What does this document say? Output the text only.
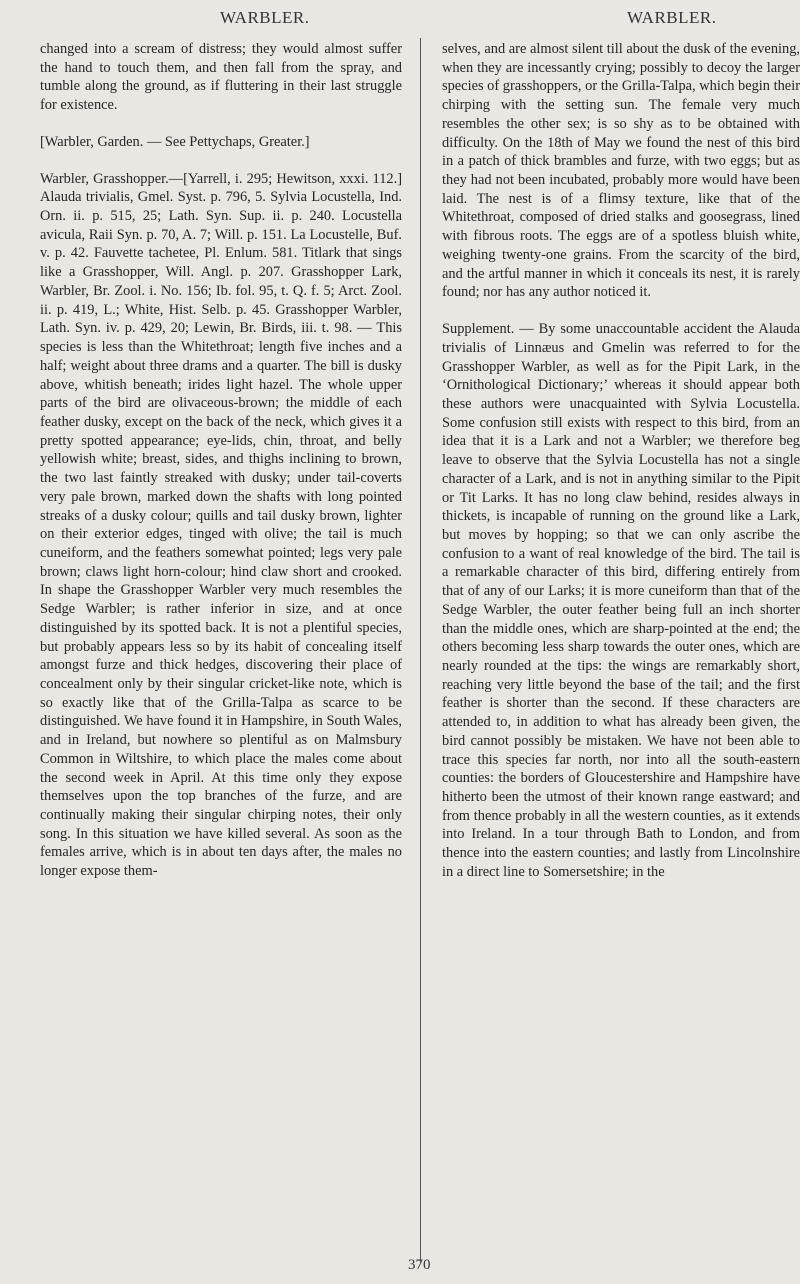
WARBLER.	WARBLER.

changed into a scream of distress; they would almost suffer the hand to touch them, and then fall from the spray, and tumble along the ground, as if fluttering in their last struggle for existence.

[Warbler, Garden. — See Pettychaps, Greater.]

Warbler, Grasshopper.—[Yarrell, i. 295; Hewitson, xxxi. 112.] Alauda trivialis, Gmel. Syst. p. 796, 5. Sylvia Locustella, Ind. Orn. ii. p. 515, 25; Lath. Syn. Sup. ii. p. 240. Locustella avicula, Raii Syn. p. 70, A. 7; Will. p. 151. La Locustelle, Buf. v. p. 42. Fauvette tachetee, Pl. Enlum. 581. Titlark that sings like a Grasshopper, Will. Angl. p. 207. Grasshopper Lark, Warbler, Br. Zool. i. No. 156; Ib. fol. 95, t. Q. f. 5; Arct. Zool. ii. p. 419, L.; White, Hist. Selb. p. 45. Grasshopper Warbler, Lath. Syn. iv. p. 429, 20; Lewin, Br. Birds, iii. t. 98. — This species is less than the Whitethroat; length five inches and a half; weight about three drams and a quarter. The bill is dusky above, whitish beneath; irides light hazel. The whole upper parts of the bird are olivaceous-brown; the middle of each feather dusky, except on the back of the neck, which gives it a pretty spotted appearance; eye-lids, chin, throat, and belly yellowish white; breast, sides, and thighs inclining to brown, the two last faintly streaked with dusky; under tail-coverts very pale brown, marked down the shafts with long pointed streaks of a dusky colour; quills and tail dusky brown, lighter on their exterior edges, tinged with olive; the tail is much cuneiform, and the feathers somewhat pointed; legs very pale brown; claws light horn-colour; hind claw short and crooked. In shape the Grasshopper Warbler very much resembles the Sedge Warbler; is rather inferior in size, and at once distinguished by its spotted back. It is not a plentiful species, but probably appears less so by its habit of concealing itself amongst furze and thick hedges, discovering their place of concealment only by their singular cricket-like note, which is so exactly like that of the Grilla-Talpa as scarce to be distinguished. We have found it in Hampshire, in South Wales, and in Ireland, but nowhere so plentiful as on Malmsbury Common in Wiltshire, to which place the males come about the second week in April. At this time only they expose themselves upon the top branches of the furze, and are continually making their singular chirping notes, their only song. In this situation we have killed several. As soon as the females arrive, which is in about ten days after, the males no longer expose them-

selves, and are almost silent till about the dusk of the evening, when they are incessantly crying; possibly to decoy the larger species of grasshoppers, or the Grilla-Talpa, which begin their chirping with the setting sun. The female very much resembles the other sex; is so shy as to be obtained with difficulty. On the 18th of May we found the nest of this bird in a patch of thick brambles and furze, with two eggs; but as they had not been incubated, probably more would have been laid. The nest is of a flimsy texture, like that of the Whitethroat, composed of dried stalks and goosegrass, lined with fibrous roots. The eggs are of a spotless bluish white, weighing twenty-one grains. From the scarcity of the bird, and the artful manner in which it conceals its nest, it is rarely found; nor has any author noticed it.

Supplement. — By some unaccountable accident the Alauda trivialis of Linnæus and Gmelin was referred to for the Grasshopper Warbler, as well as for the Pipit Lark, in the ‘Ornithological Dictionary;’ whereas it should appear both these authors were unacquainted with Sylvia Locustella. Some confusion still exists with respect to this bird, from an idea that it is a Lark and not a Warbler; we therefore beg leave to observe that the Sylvia Locustella has not a single character of a Lark, and is not in anything similar to the Pipit or Tit Larks. It has no long claw behind, resides always in thickets, is incapable of running on the ground like a Lark, but moves by hopping; so that we can only ascribe the confusion to a want of real knowledge of the bird. The tail is a remarkable character of this bird, differing entirely from that of any of our Larks; it is more cuneiform than that of the Sedge Warbler, the outer feather being full an inch shorter than the middle ones, which are sharp-pointed at the end; the others becoming less sharp towards the outer ones, which are nearly rounded at the tips: the wings are remarkably short, reaching very little beyond the base of the tail; and the first feather is shorter than the second. If these characters are attended to, in addition to what has already been given, the bird cannot possibly be mistaken. We have not been able to trace this species far north, nor into all the south-eastern counties: the borders of Gloucestershire and Hampshire have hitherto been the utmost of their known range eastward; and from thence probably in all the western counties, as it extends into Ireland. In a tour through Bath to London, and from thence into the eastern counties; and lastly from Lincolnshire in a direct line to Somersetshire; in the

370
